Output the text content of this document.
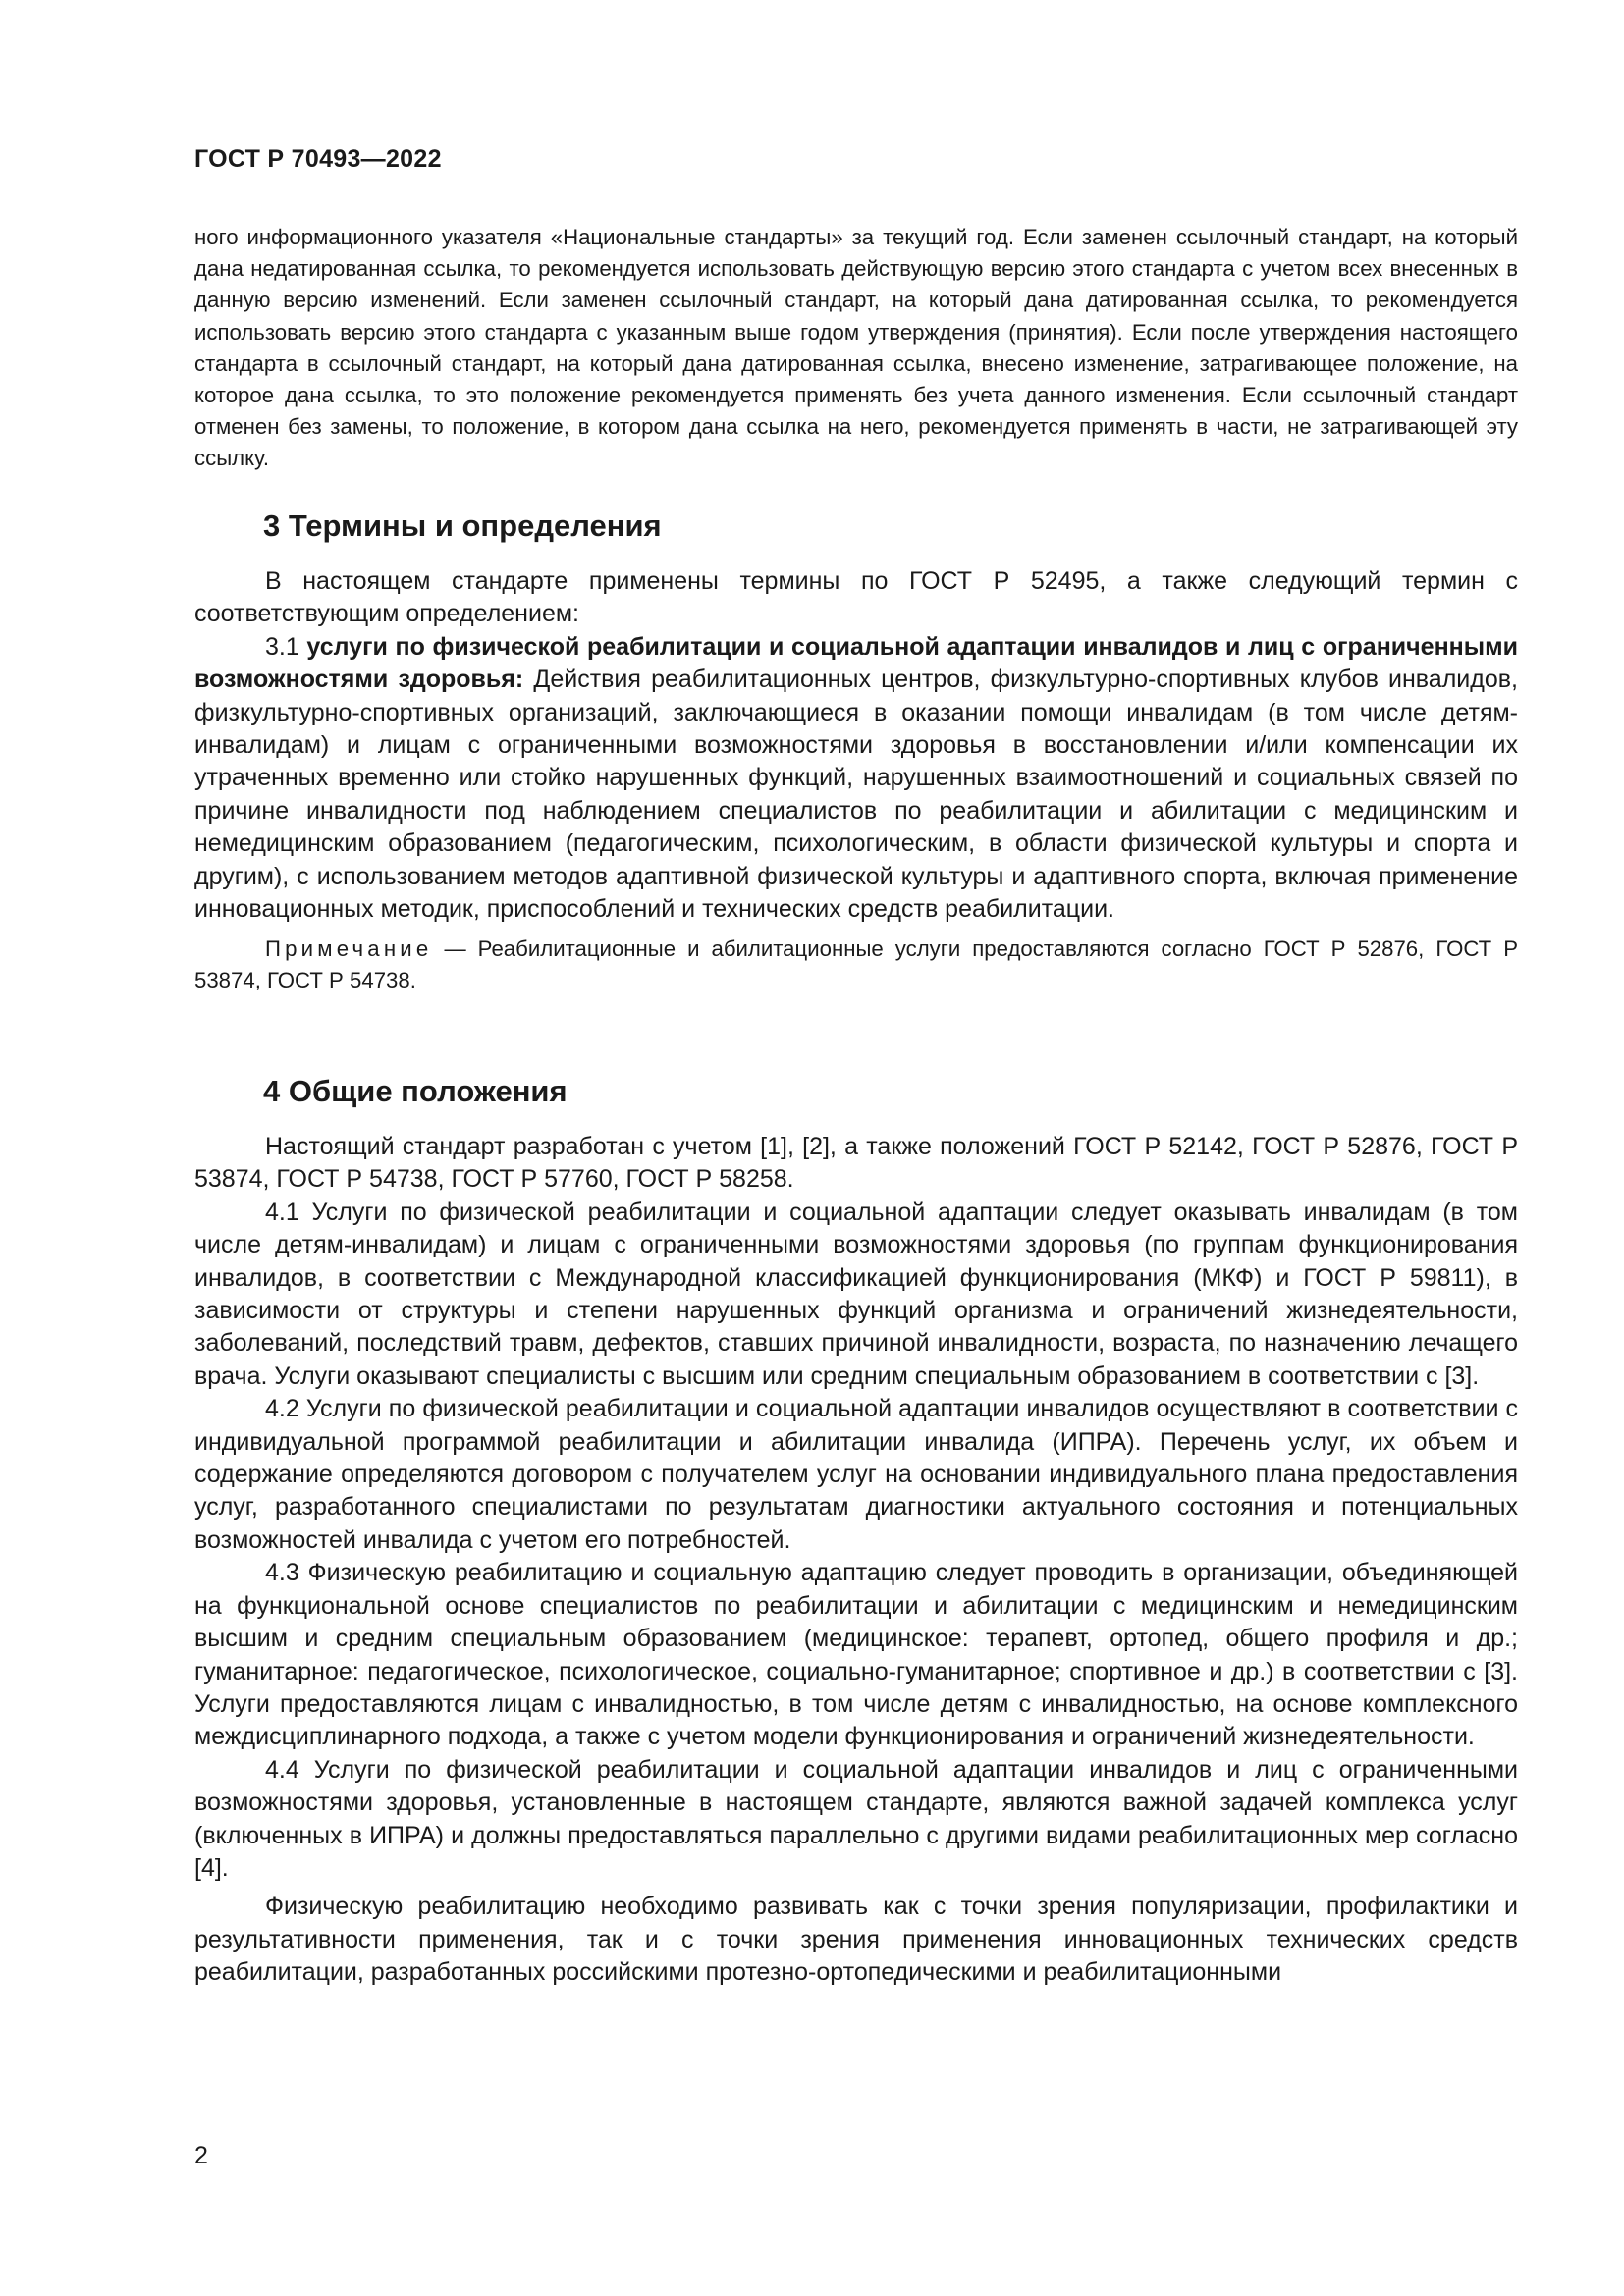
ГОСТ Р 70493—2022
ного информационного указателя «Национальные стандарты» за текущий год. Если заменен ссылочный стандарт, на который дана недатированная ссылка, то рекомендуется использовать действующую версию этого стандарта с учетом всех внесенных в данную версию изменений. Если заменен ссылочный стандарт, на который дана датированная ссылка, то рекомендуется использовать версию этого стандарта с указанным выше годом утверждения (принятия). Если после утверждения настоящего стандарта в ссылочный стандарт, на который дана датированная ссылка, внесено изменение, затрагивающее положение, на которое дана ссылка, то это положение рекомендуется применять без учета данного изменения. Если ссылочный стандарт отменен без замены, то положение, в котором дана ссылка на него, рекомендуется применять в части, не затрагивающей эту ссылку.
3 Термины и определения

В настоящем стандарте применены термины по ГОСТ Р 52495, а также следующий термин с соответствующим определением:

3.1 услуги по физической реабилитации и социальной адаптации инвалидов и лиц с ограниченными возможностями здоровья: Действия реабилитационных центров, физкультурно-спортивных клубов инвалидов, физкультурно-спортивных организаций, заключающиеся в оказании помощи инвалидам (в том числе детям-инвалидам) и лицам с ограниченными возможностями здоровья в восстановлении и/или компенсации их утраченных временно или стойко нарушенных функций, нарушенных взаимоотношений и социальных связей по причине инвалидности под наблюдением специалистов по реабилитации и абилитации с медицинским и немедицинским образованием (педагогическим, психологическим, в области физической культуры и спорта и другим), с использованием методов адаптивной физической культуры и адаптивного спорта, включая применение инновационных методик, приспособлений и технических средств реабилитации.

Примечание — Реабилитационные и абилитационные услуги предоставляются согласно ГОСТ Р 52876, ГОСТ Р 53874, ГОСТ Р 54738.

4 Общие положения

Настоящий стандарт разработан с учетом [1], [2], а также положений ГОСТ Р 52142, ГОСТ Р 52876, ГОСТ Р 53874, ГОСТ Р 54738, ГОСТ Р 57760, ГОСТ Р 58258.

4.1 Услуги по физической реабилитации и социальной адаптации следует оказывать инвалидам (в том числе детям-инвалидам) и лицам с ограниченными возможностями здоровья (по группам функционирования инвалидов, в соответствии с Международной классификацией функционирования (МКФ) и ГОСТ Р 59811), в зависимости от структуры и степени нарушенных функций организма и ограничений жизнедеятельности, заболеваний, последствий травм, дефектов, ставших причиной инвалидности, возраста, по назначению лечащего врача. Услуги оказывают специалисты с высшим или средним специальным образованием в соответствии с [3].

4.2 Услуги по физической реабилитации и социальной адаптации инвалидов осуществляют в соответствии с индивидуальной программой реабилитации и абилитации инвалида (ИПРА). Перечень услуг, их объем и содержание определяются договором с получателем услуг на основании индивидуального плана предоставления услуг, разработанного специалистами по результатам диагностики актуального состояния и потенциальных возможностей инвалида с учетом его потребностей.

4.3 Физическую реабилитацию и социальную адаптацию следует проводить в организации, объединяющей на функциональной основе специалистов по реабилитации и абилитации с медицинским и немедицинским высшим и средним специальным образованием (медицинское: терапевт, ортопед, общего профиля и др.; гуманитарное: педагогическое, психологическое, социально-гуманитарное; спортивное и др.) в соответствии с [3]. Услуги предоставляются лицам с инвалидностью, в том числе детям с инвалидностью, на основе комплексного междисциплинарного подхода, а также с учетом модели функционирования и ограничений жизнедеятельности.

4.4 Услуги по физической реабилитации и социальной адаптации инвалидов и лиц с ограниченными возможностями здоровья, установленные в настоящем стандарте, являются важной задачей комплекса услуг (включенных в ИПРА) и должны предоставляться параллельно с другими видами реабилитационных мер согласно [4].

Физическую реабилитацию необходимо развивать как с точки зрения популяризации, профилактики и результативности применения, так и с точки зрения применения инновационных технических средств реабилитации, разработанных российскими протезно-ортопедическими и реабилитационными

2
